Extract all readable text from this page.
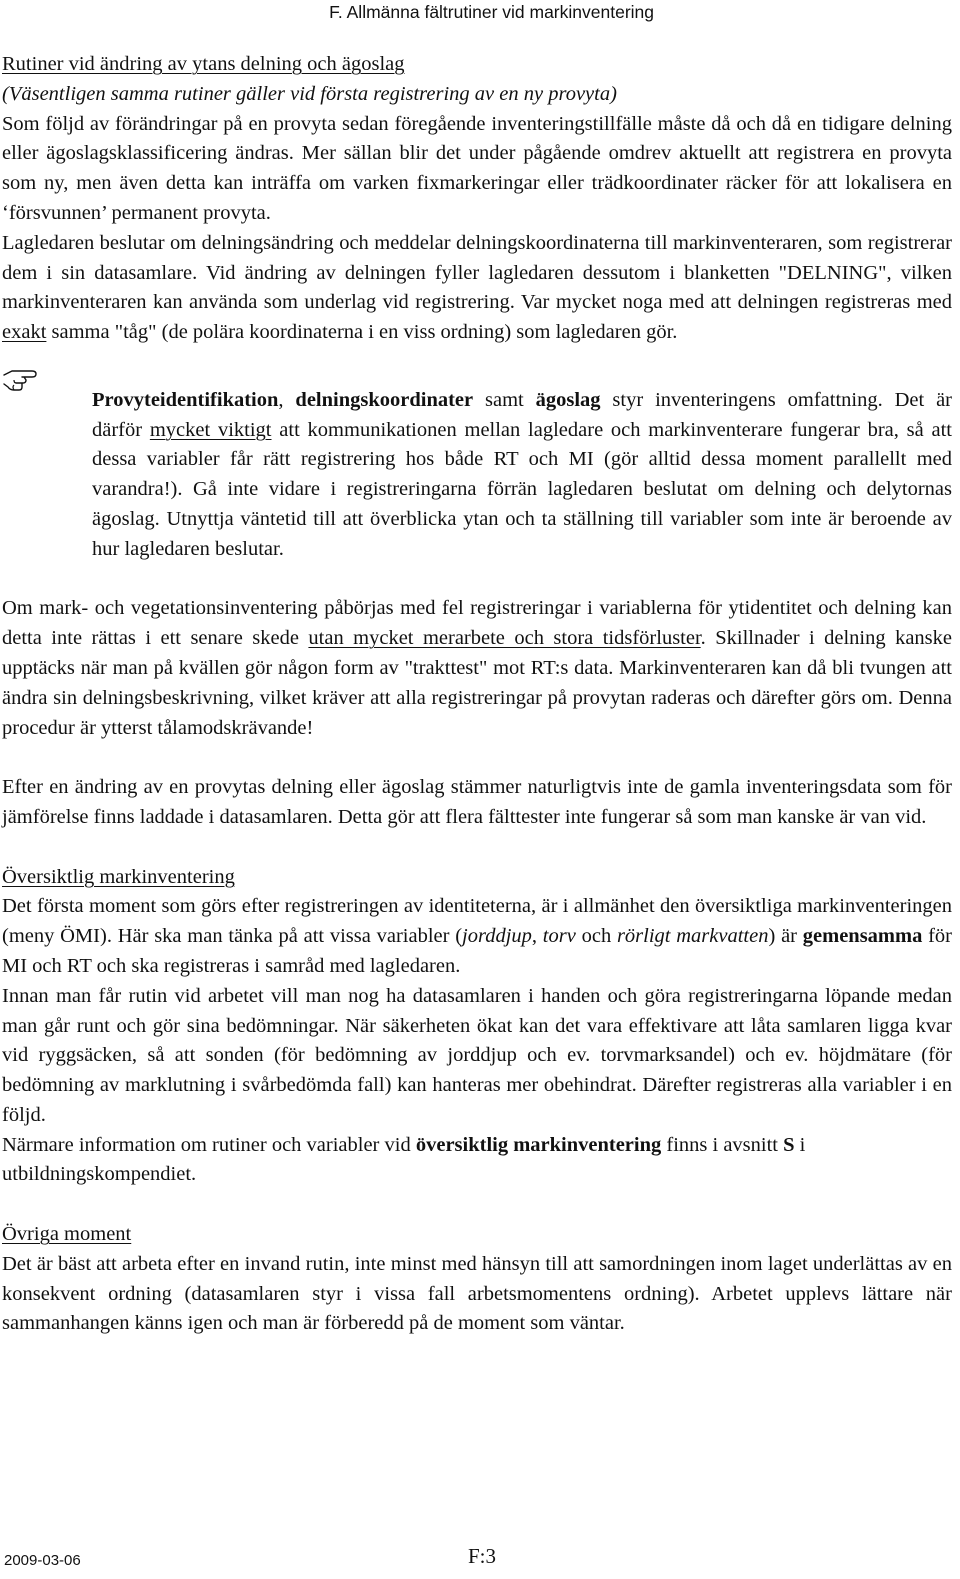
F. Allmänna fältrutiner vid markinventering

Rutiner vid ändring av ytans delning och ägoslag

(Väsentligen samma rutiner gäller vid första registrering av en ny provyta)

Som följd av förändringar på en provyta sedan föregående inventeringstillfälle måste då och då en tidigare delning eller ägoslagsklassificering ändras. Mer sällan blir det under pågående omdrev aktuellt att registrera en provyta som ny, men även detta kan inträffa om varken fixmarkeringar eller trädkoordinater räcker för att lokalisera en ‘försvunnen’ permanent provyta.

Lagledaren beslutar om delningsändring och meddelar delningskoordinaterna till markinventeraren, som registrerar dem i sin datasamlare. Vid ändring av delningen fyller lagledaren dessutom i blanketten "DELNING", vilken markinventeraren kan använda som underlag vid registrering. Var mycket noga med att delningen registreras med exakt samma "tåg" (de polära koordinaterna i en viss ordning) som lagledaren gör.

Provyteidentifikation, delningskoordinater samt ägoslag styr inventeringens omfattning. Det är därför mycket viktigt att kommunikationen mellan lagledare och markinventerare fungerar bra, så att dessa variabler får rätt registrering hos både RT och MI (gör alltid dessa moment parallellt med varandra!). Gå inte vidare i registreringarna förrän lagledaren beslutat om delning och delytornas ägoslag. Utnyttja väntetid till att överblicka ytan och ta ställning till variabler som inte är beroende av hur lagledaren beslutar.

Om mark- och vegetationsinventering påbörjas med fel registreringar i variablerna för ytidentitet och delning kan detta inte rättas i ett senare skede utan mycket merarbete och stora tidsförluster. Skillnader i delning kanske upptäcks när man på kvällen gör någon form av "trakttest" mot RT:s data. Markinventeraren kan då bli tvungen att ändra sin delningsbeskrivning, vilket kräver att alla registreringar på provytan raderas och därefter görs om. Denna procedur är ytterst tålamodskrävande!

Efter en ändring av en provytas delning eller ägoslag stämmer naturligtvis inte de gamla inventeringsdata som för jämförelse finns laddade i datasamlaren. Detta gör att flera fälttester inte fungerar så som man kanske är van vid.

Översiktlig markinventering

Det första moment som görs efter registreringen av identiteterna, är i allmänhet den översiktliga markinventeringen (meny ÖMI). Här ska man tänka på att vissa variabler (jorddjup, torv och rörligt markvatten) är gemensamma för MI och RT och ska registreras i samråd med lagledaren.

Innan man får rutin vid arbetet vill man nog ha datasamlaren i handen och göra registreringarna löpande medan man går runt och gör sina bedömningar. När säkerheten ökat kan det vara effektivare att låta samlaren ligga kvar vid ryggsäcken, så att sonden (för bedömning av jorddjup och ev. torvmarksandel) och ev. höjdmätare (för bedömning av marklutning i svårbedömda fall) kan hanteras mer obehindrat. Därefter registreras alla variabler i en följd.

Närmare information om rutiner och variabler vid översiktlig markinventering finns i avsnitt S i utbildningskompendiet.

Övriga moment

Det är bäst att arbeta efter en invand rutin, inte minst med hänsyn till att samordningen inom laget underlättas av en konsekvent ordning (datasamlaren styr i vissa fall arbetsmomentens ordning). Arbetet upplevs lättare när sammanhangen känns igen och man är förberedd på de moment som väntar.

2009-03-06	F:3
